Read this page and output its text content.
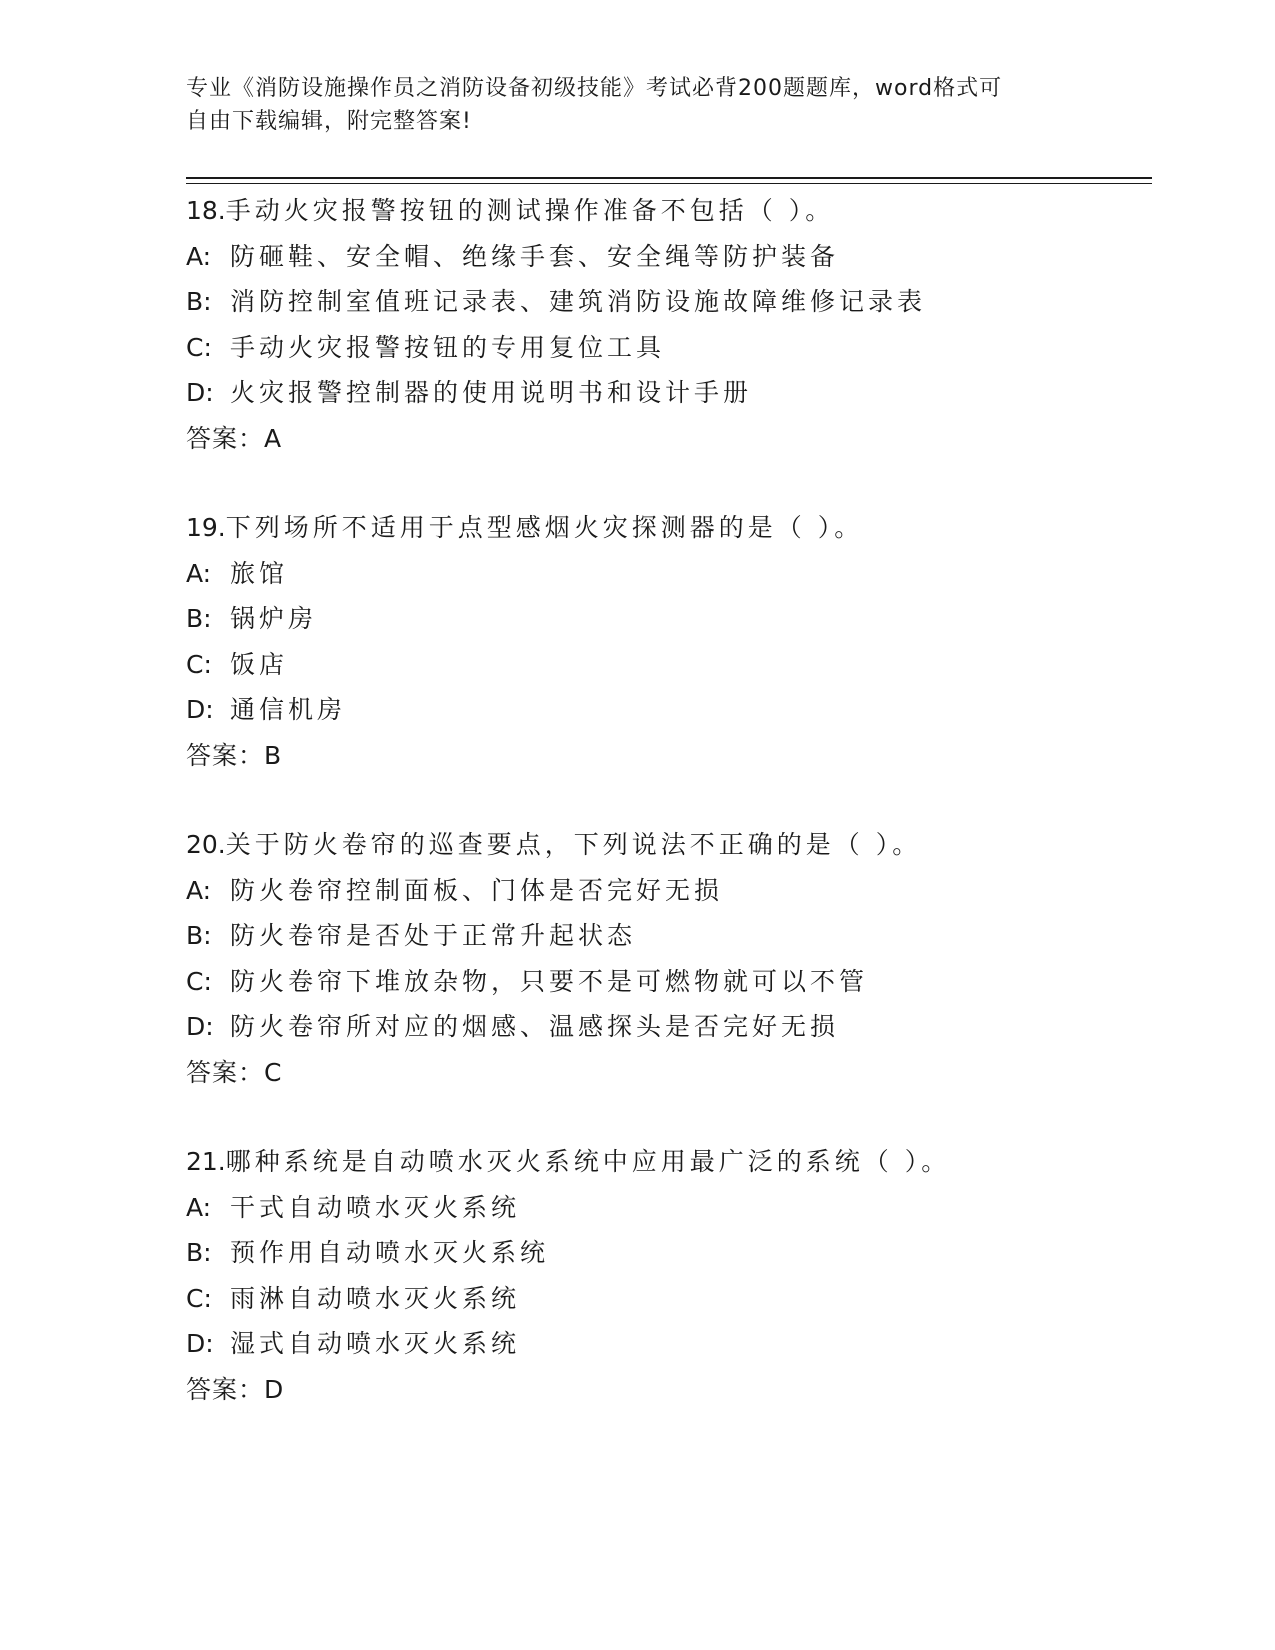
专业《消防设施操作员之消防设备初级技能》考试必背200题题库，word格式可
自由下载编辑，附完整答案!
18.手动火灾报警按钮的测试操作准备不包括（ ）。
A: 防砸鞋、安全帽、绝缘手套、安全绳等防护装备
B: 消防控制室值班记录表、建筑消防设施故障维修记录表
C: 手动火灾报警按钮的专用复位工具
D: 火灾报警控制器的使用说明书和设计手册
答案：A
19.下列场所不适用于点型感烟火灾探测器的是（ ）。
A: 旅馆
B: 锅炉房
C: 饭店
D: 通信机房
答案：B
20.关于防火卷帘的巡查要点，下列说法不正确的是（ ）。
A: 防火卷帘控制面板、门体是否完好无损
B: 防火卷帘是否处于正常升起状态
C: 防火卷帘下堆放杂物，只要不是可燃物就可以不管
D: 防火卷帘所对应的烟感、温感探头是否完好无损
答案：C
21.哪种系统是自动喷水灭火系统中应用最广泛的系统（ ）。
A: 干式自动喷水灭火系统
B: 预作用自动喷水灭火系统
C: 雨淋自动喷水灭火系统
D: 湿式自动喷水灭火系统
答案：D
